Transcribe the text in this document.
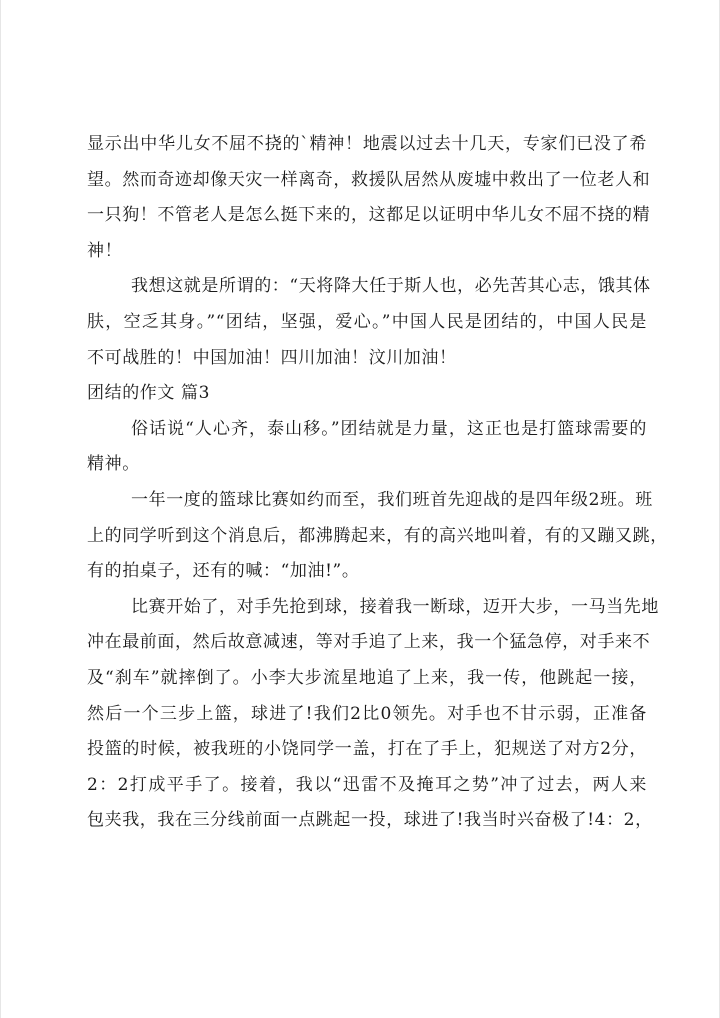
显示出中华儿女不屈不挠的`精神！地震以过去十几天，专家们已没了希
望。然而奇迹却像天灾一样离奇，救援队居然从废墟中救出了一位老人和
一只狗！不管老人是怎么挺下来的，这都足以证明中华儿女不屈不挠的精
神！
我想这就是所谓的：“天将降大任于斯人也，必先苦其心志，饿其体
肤，空乏其身。”“团结，坚强，爱心。”中国人民是团结的，中国人民是
不可战胜的！中国加油！四川加油！汶川加油！
团结的作文 篇3
俗话说“人心齐，泰山移。”团结就是力量，这正也是打篮球需要的
精神。
一年一度的篮球比赛如约而至，我们班首先迎战的是四年级2班。班
上的同学听到这个消息后，都沸腾起来，有的高兴地叫着，有的又蹦又跳，
有的拍桌子，还有的喊：“加油!”。
比赛开始了，对手先抢到球，接着我一断球，迈开大步，一马当先地
冲在最前面，然后故意减速，等对手追了上来，我一个猛急停，对手来不
及“刹车”就摔倒了。小李大步流星地追了上来，我一传，他跳起一接，
然后一个三步上篮，球进了!我们2比0领先。对手也不甘示弱，正准备
投篮的时候，被我班的小饶同学一盖，打在了手上，犯规送了对方2分，
2：2打成平手了。接着，我以“迅雷不及掩耳之势”冲了过去，两人来
包夹我，我在三分线前面一点跳起一投，球进了!我当时兴奋极了!4：2，
